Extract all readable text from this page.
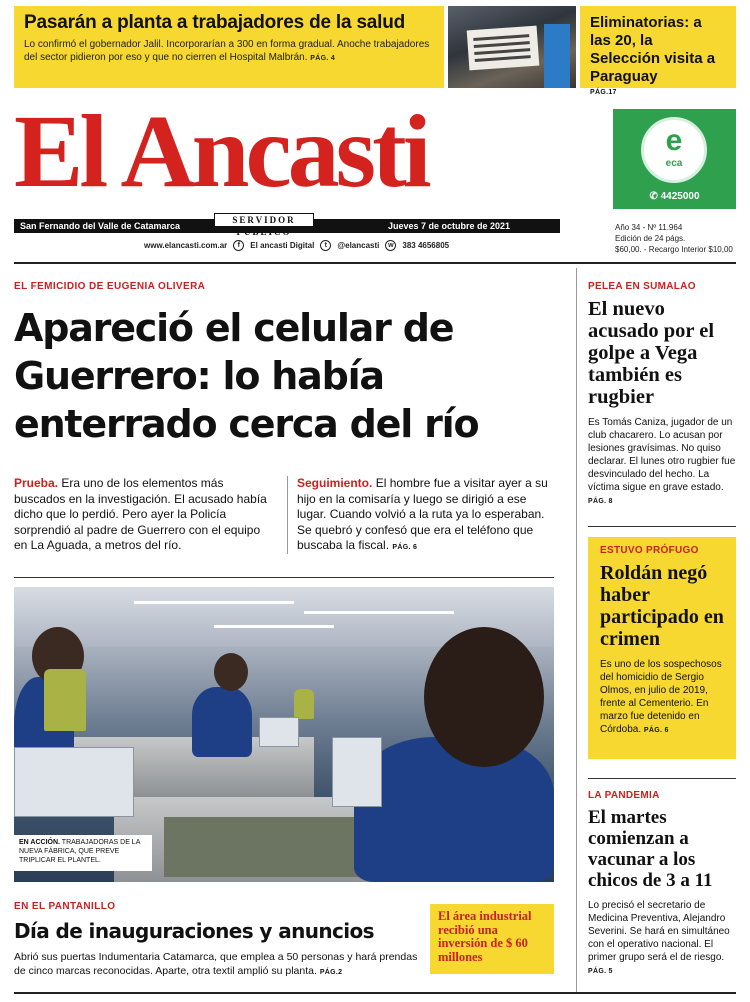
Pasarán a planta a trabajadores de la salud
Lo confirmó el gobernador Jalil. Incorporarían a 300 en forma gradual. Anoche trabajadores del sector pidieron por eso y que no cierren el Hospital Malbrán. PÁG. 4
Eliminatorias: a las 20, la Selección visita a Paraguay
PÁG.17
El Ancasti
San Fernando del Valle de Catamarca
SERVIDOR PÚBLICO
Jueves 7 de octubre de 2021
www.elancasti.com.ar	f	El ancasti Digital	t	@elancasti	w	383 4656805
e
eca
✆ 4425000
Año 34 - Nº 11.964
Edición de 24 págs.
$60,00. - Recargo Interior $10,00
EL FEMICIDIO DE EUGENIA OLIVERA
Apareció el celular de Guerrero: lo había enterrado cerca del río
Prueba. Era uno de los elementos más buscados en la investigación. El acusado había dicho que lo perdió. Pero ayer la Policía sorprendió al padre de Guerrero con el equipo en La Aguada, a metros del río.
Seguimiento. El hombre fue a visitar ayer a su hijo en la comisaría y luego se dirigió a ese lugar. Cuando volvió a la ruta ya lo esperaban. Se quebró y confesó que era el teléfono que buscaba la fiscal. PÁG. 6
EN ACCIÓN. TRABAJADORAS DE LA NUEVA FÁBRICA, QUE PREVE TRIPLICAR EL PLANTEL.
EN EL PANTANILLO
Día de inauguraciones y anuncios
Abrió sus puertas Indumentaria Catamarca, que emplea a 50 personas y hará prendas de cinco marcas reconocidas. Aparte, otra textil amplió su planta. PÁG.2
El área industrial recibió una inversión de $ 60 millones
PELEA EN SUMALAO
El nuevo acusado por el golpe a Vega también es rugbier
Es Tomás Caniza, jugador de un club chacarero. Lo acusan por lesiones gravísimas. No quiso declarar. El lunes otro rugbier fue desvinculado del hecho. La víctima sigue en grave estado. PÁG. 8
ESTUVO PRÓFUGO
Roldán negó haber participado en crimen
Es uno de los sospechosos del homicidio de Sergio Olmos, en julio de 2019, frente al Cementerio. En marzo fue detenido en Córdoba. PÁG. 6
LA PANDEMIA
El martes comienzan a vacunar a los chicos de 3 a 11
Lo precisó el secretario de Medicina Preventiva, Alejandro Severini. Se hará en simultáneo con el operativo nacional. El primer grupo será el de riesgo. PÁG. 5
